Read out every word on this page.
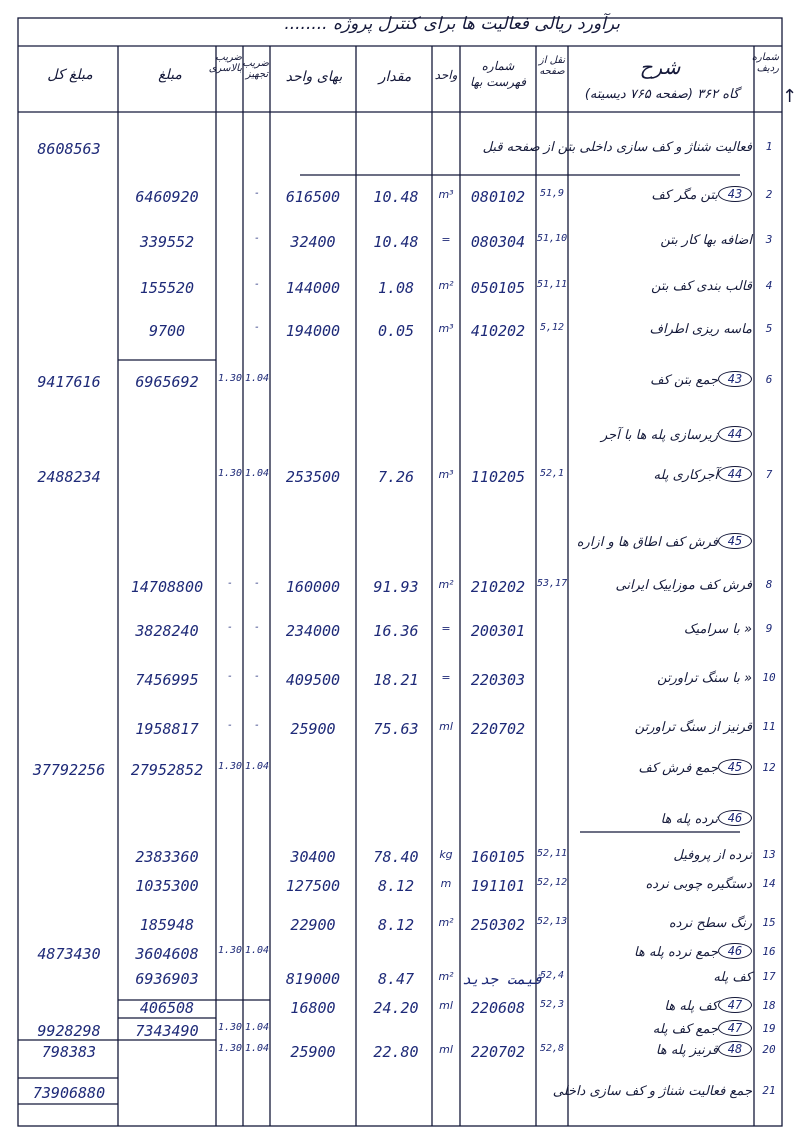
برآورد ریالی فعالیت ها برای کنترل پروژه ........
↑
شماره ردیف
شرح
گاه ۳۶۲ (صفحه ۷۶۵ دیسیته)
نقل از صفحه
شماره فهرست بها
واحد
مقدار
بهای واحد
ضریب تجهیز
ضریب بالاسری
مبلغ
مبلغ کل
1
فعالیت شناژ و کف سازی داخلی بتن از صفحه قبل
8608563
2
43
بتن مگر کف
51,9
080102
m³
10.48
616500
-
6460920
3
اضافه بها کار بتن
51,10
080304
=
10.48
32400
-
339552
4
قالب بندی کف بتن
51,11
050105
m²
1.08
144000
-
155520
5
ماسه ریزی اطراف
5,12
410202
m³
0.05
194000
-
9700
6
43
جمع بتن کف
1.04
1.30
6965692
9417616
44
زیرسازی پله ها با آجر
7
44
آجرکاری پله
52,1
110205
m³
7.26
253500
1.04
1.30
2488234
45
فرش کف اطاق ها و ازاره
8
فرش کف موزاییک ایرانی
53,17
210202
m²
91.93
160000
-
-
14708800
9
« با سرامیک
200301
=
16.36
234000
-
-
3828240
10
« با سنگ تراورتن
220303
=
18.21
409500
-
-
7456995
11
قرنیز از سنگ تراورتن
220702
ml
75.63
25900
-
-
1958817
12
45
جمع فرش کف
1.04
1.30
27952852
37792256
46
نرده پله ها
13
نرده از پروفیل
52,11
160105
kg
78.40
30400
2383360
14
دستگیره چوبی نرده
52,12
191101
m
8.12
127500
1035300
15
رنگ سطح نرده
52,13
250302
m²
8.12
22900
185948
16
46
جمع نرده پله ها
1.04
1.30
3604608
4873430
17
کف پله
52,4
قیمت جدید
m²
8.47
819000
6936903
18
47
کف پله ها
52,3
220608
ml
24.20
16800
406508
19
47
جمع کف پله
1.04
1.30
7343490
9928298
20
48
قرنیز پله ها
52,8
220702
ml
22.80
25900
1.04
1.30
798383
21
جمع فعالیت شناژ و کف سازی داخلی
73906880
